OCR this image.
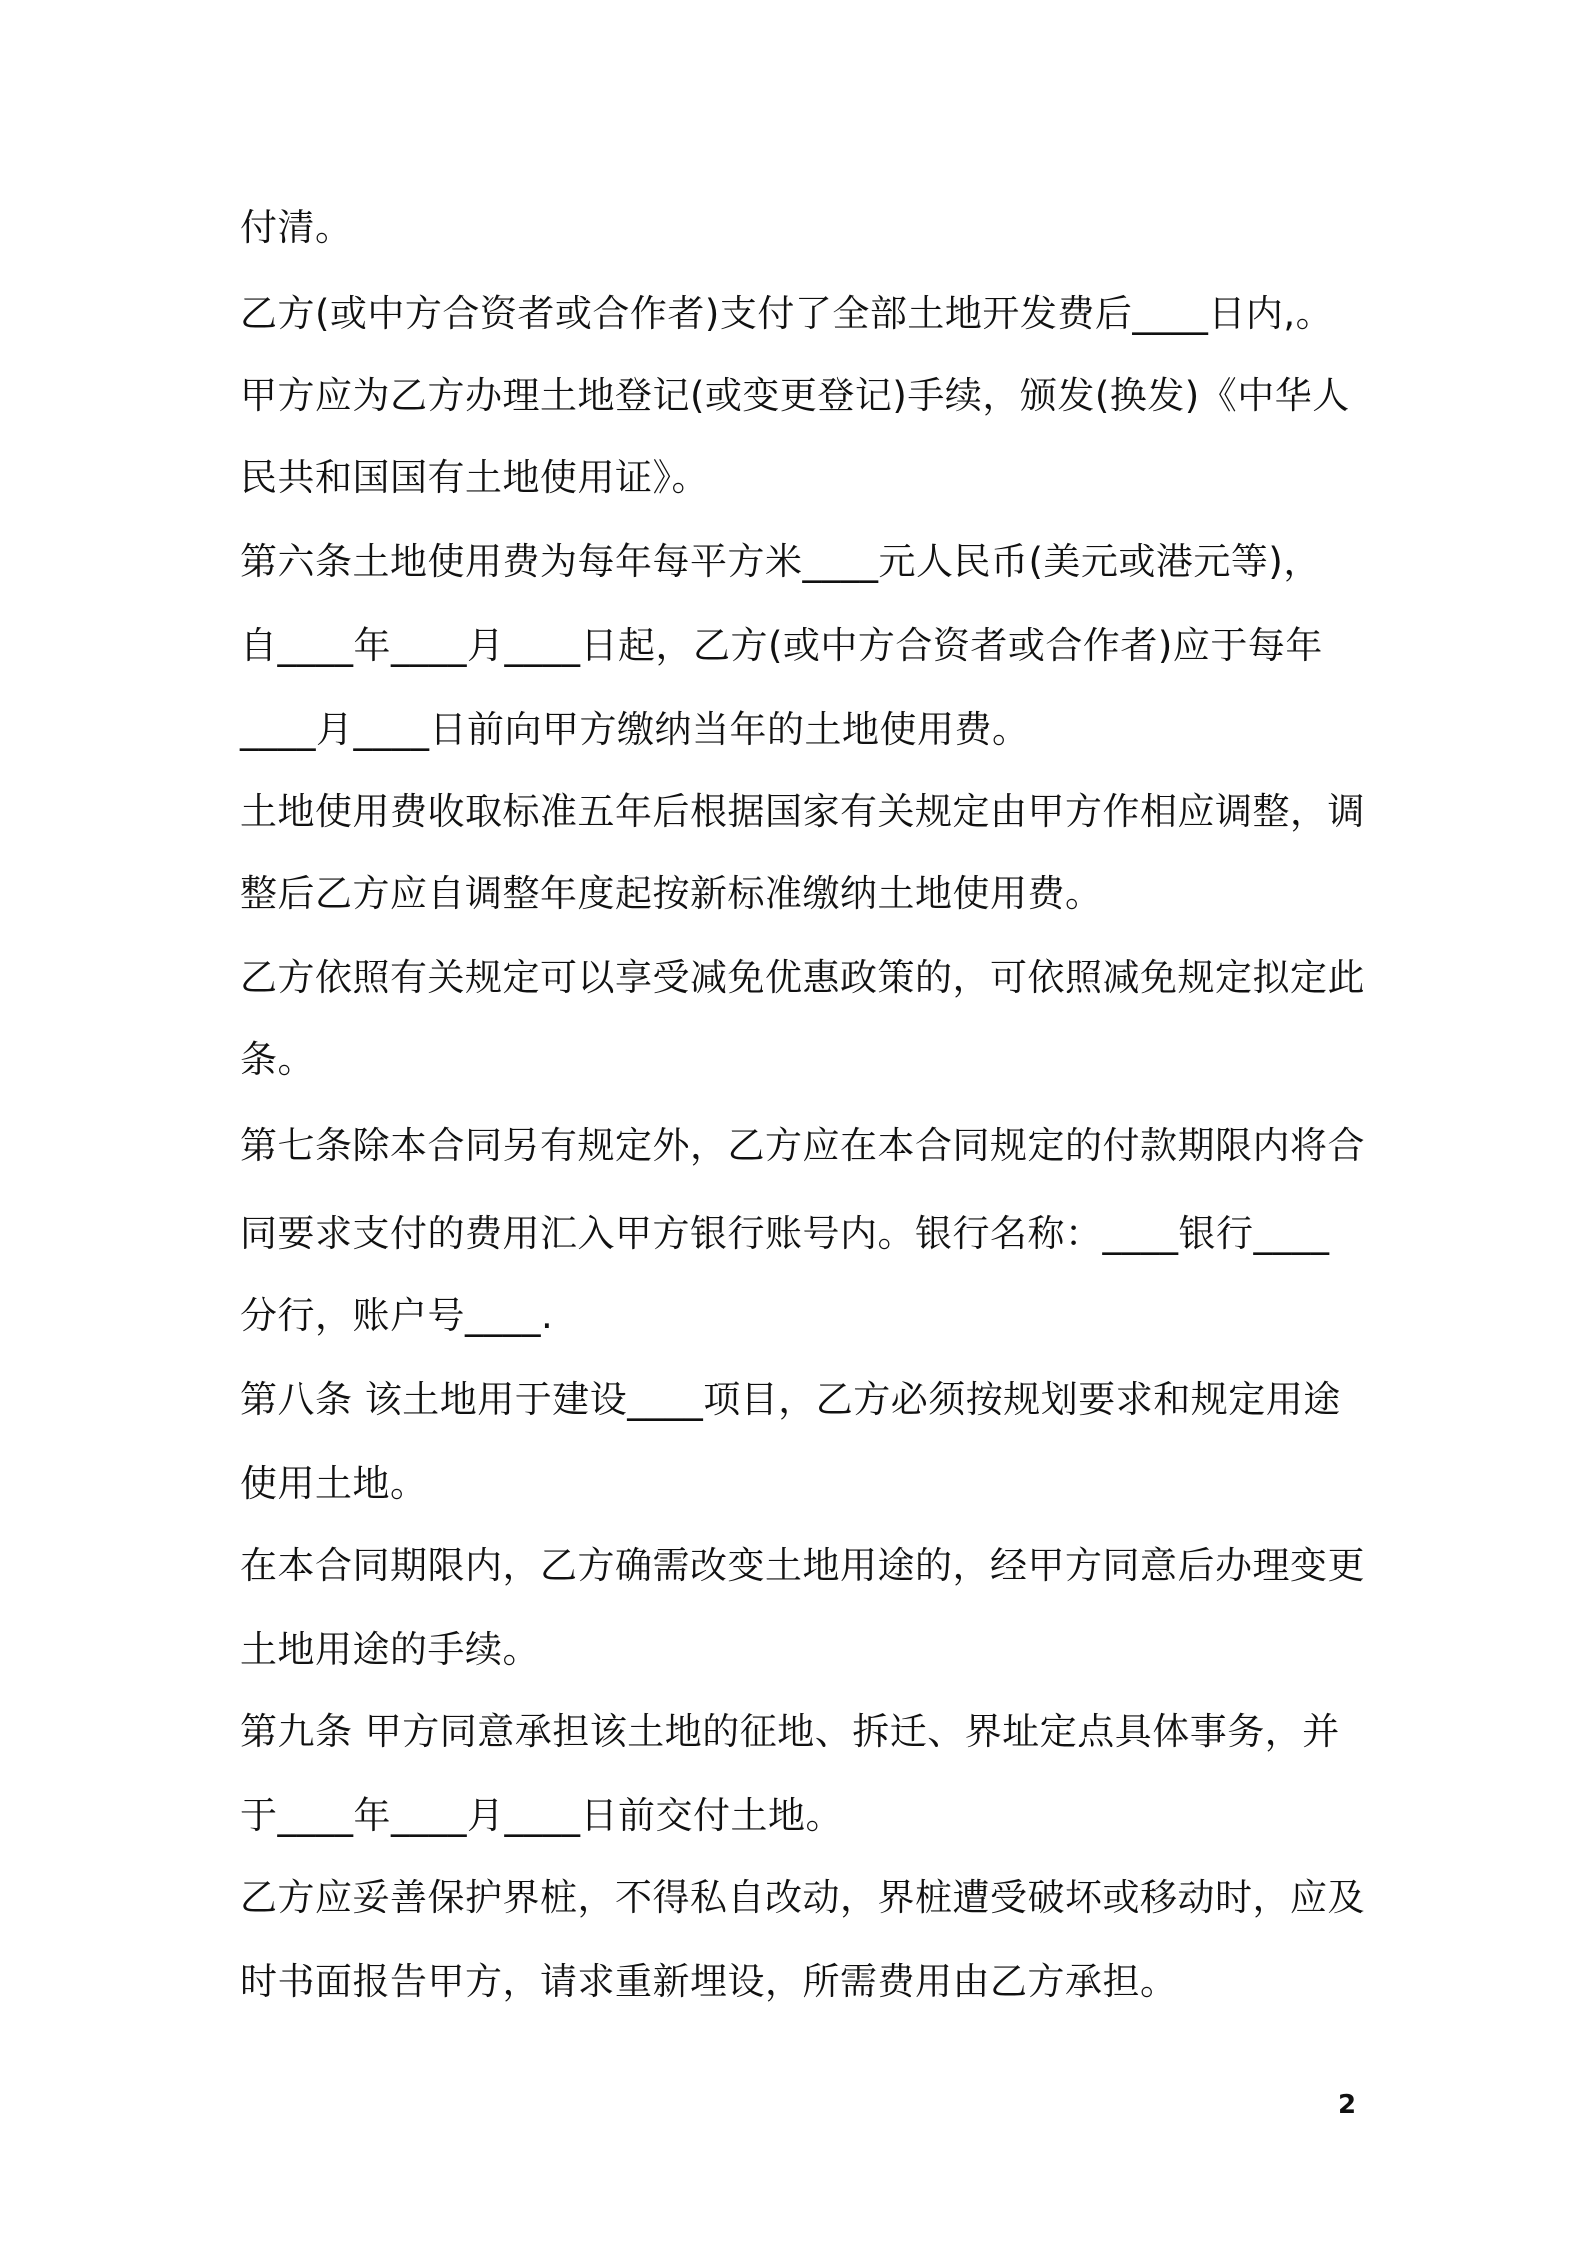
付清。
乙方(或中方合资者或合作者)支付了全部土地开发费后____日内,。
甲方应为乙方办理土地登记(或变更登记)手续，颁发(换发)《中华人
民共和国国有土地使用证》。
第六条土地使用费为每年每平方米____元人民币(美元或港元等)，
自____年____月____日起，乙方(或中方合资者或合作者)应于每年
____月____日前向甲方缴纳当年的土地使用费。
土地使用费收取标准五年后根据国家有关规定由甲方作相应调整，调
整后乙方应自调整年度起按新标准缴纳土地使用费。
乙方依照有关规定可以享受减免优惠政策的，可依照减免规定拟定此
条。
第七条除本合同另有规定外，乙方应在本合同规定的付款期限内将合
同要求支付的费用汇入甲方银行账号内。银行名称：____银行____
分行，账户号____.
第八条 该土地用于建设____项目，乙方必须按规划要求和规定用途
使用土地。
在本合同期限内，乙方确需改变土地用途的，经甲方同意后办理变更
土地用途的手续。
第九条 甲方同意承担该土地的征地、拆迁、界址定点具体事务，并
于____年____月____日前交付土地。
乙方应妥善保护界桩，不得私自改动，界桩遭受破坏或移动时，应及
时书面报告甲方，请求重新埋设，所需费用由乙方承担。
2
